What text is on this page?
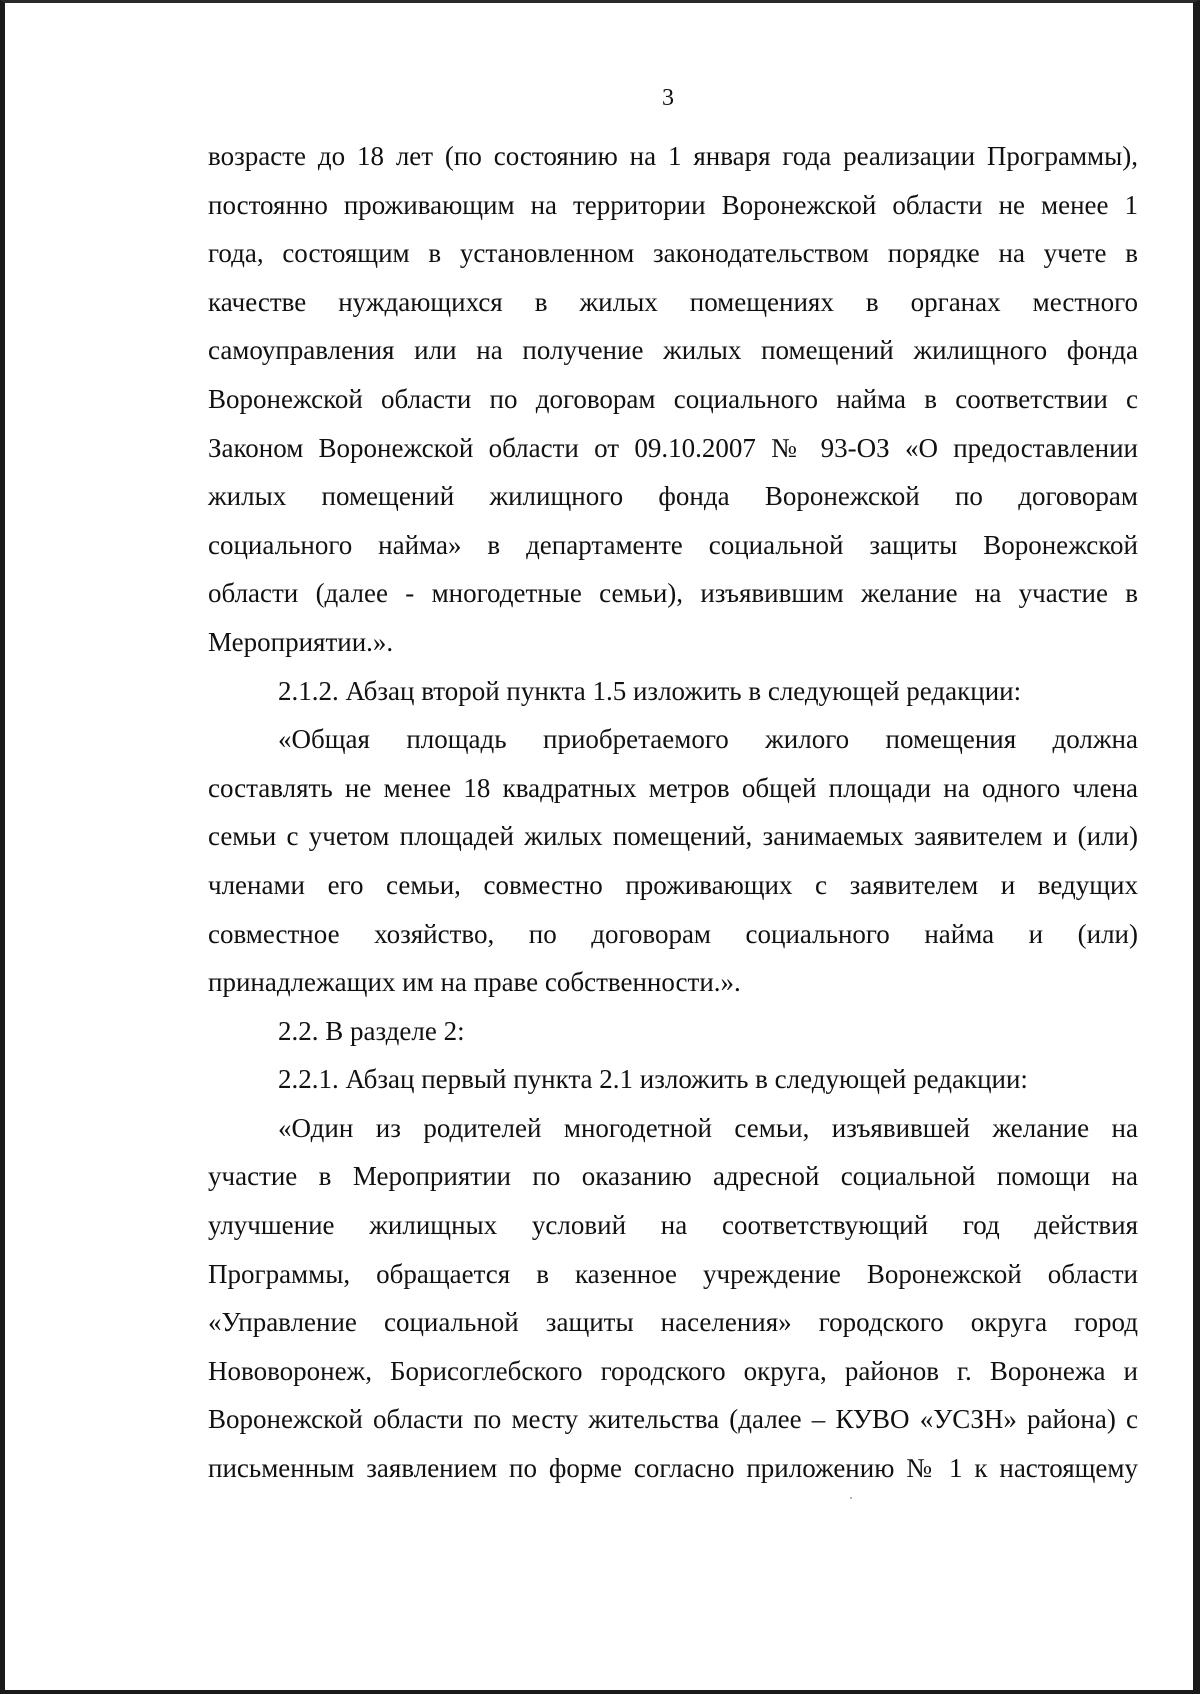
3
возрасте до 18 лет (по состоянию на 1 января года реализации Программы),
постоянно проживающим на территории Воронежской области не менее 1
года, состоящим в установленном законодательством порядке на учете в
качестве нуждающихся в жилых помещениях в органах местного
самоуправления или на получение жилых помещений жилищного фонда
Воронежской области по договорам социального найма в соответствии с
Законом Воронежской области от 09.10.2007 № 93-ОЗ «О предоставлении
жилых помещений жилищного фонда Воронежской по договорам
социального найма» в департаменте социальной защиты Воронежской
области (далее - многодетные семьи), изъявившим желание на участие в
Мероприятии.».
2.1.2. Абзац второй пункта 1.5 изложить в следующей редакции:
«Общая площадь приобретаемого жилого помещения должна
составлять не менее 18 квадратных метров общей площади на одного члена
семьи с учетом площадей жилых помещений, занимаемых заявителем и (или)
членами его семьи, совместно проживающих с заявителем и ведущих
совместное хозяйство, по договорам социального найма и (или)
принадлежащих им на праве собственности.».
2.2. В разделе 2:
2.2.1. Абзац первый пункта 2.1 изложить в следующей редакции:
«Один из родителей многодетной семьи, изъявившей желание на
участие в Мероприятии по оказанию адресной социальной помощи на
улучшение жилищных условий на соответствующий год действия
Программы, обращается в казенное учреждение Воронежской области
«Управление социальной защиты населения» городского округа город
Нововоронеж, Борисоглебского городского округа, районов г. Воронежа и
Воронежской области по месту жительства (далее – КУВО «УСЗН» района) с
письменным заявлением по форме согласно приложению № 1 к настоящему
